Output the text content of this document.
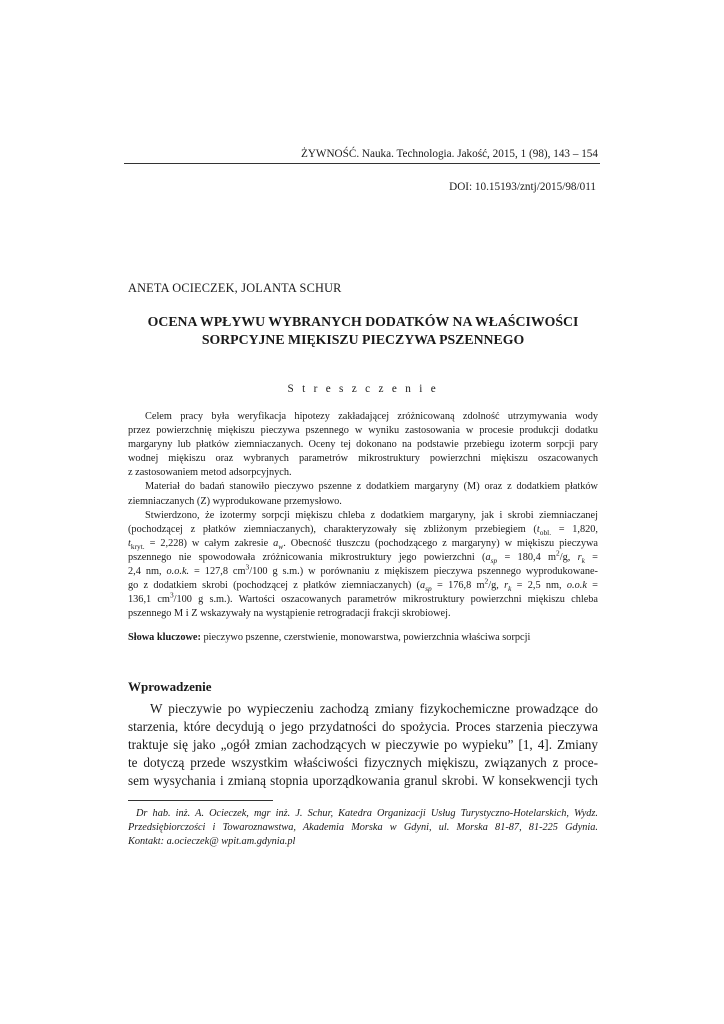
ŻYWNOŚĆ. Nauka. Technologia. Jakość, 2015, 1 (98), 143 – 154
DOI: 10.15193/zntj/2015/98/011
ANETA OCIECZEK, JOLANTA SCHUR
OCENA WPŁYWU WYBRANYCH DODATKÓW NA WŁAŚCIWOŚCI
SORPCYJNE MIĘKISZU PIECZYWA PSZENNEGO
S t r e s z c z e n i e

Celem pracy była weryfikacja hipotezy zakładającej zróżnicowaną zdolność utrzymywania wody
przez powierzchnię miękiszu pieczywa pszennego w wyniku zastosowania w procesie produkcji dodatku
margaryny lub płatków ziemniaczanych. Oceny tej dokonano na podstawie przebiegu izoterm sorpcji pary
wodnej miękiszu oraz wybranych parametrów mikrostruktury powierzchni miękiszu oszacowanych
z zastosowaniem metod adsorpcyjnych.

Materiał do badań stanowiło pieczywo pszenne z dodatkiem margaryny (M) oraz z dodatkiem płatków
ziemniaczanych (Z) wyprodukowane przemysłowo.

Stwierdzono, że izotermy sorpcji miękiszu chleba z dodatkiem margaryny, jak i skrobi ziemniaczanej
(pochodzącej z płatków ziemniaczanych), charakteryzowały się zbliżonym przebiegiem ($t_{obl.} = 1,820$,
$t_{kryt.} = 2,228$) w całym zakresie $a_w$. Obecność tłuszczu (pochodzącego z margaryny) w miękiszu pieczywa
pszennego nie spowodowała zróżnicowania mikrostruktury jego powierzchni ($a_{sp} = 180,4$ $m^2/g$, $r_k$ =
2,4 nm, o.o.k. = 127,8 $cm^3/100$ g s.m.) w porównaniu z miękiszem pieczywa pszennego wyprodukowane-
go z dodatkiem skrobi (pochodzącej z płatków ziemniaczanych) ($a_{sp} = 176,8$ $m^2/g$, $r_k = 2,5$ nm, o.o.k =
136,1 $cm^3/100$ g s.m.). Wartości oszacowanych parametrów mikrostruktury powierzchni miękiszu chleba
pszennego M i Z wskazywały na wystąpienie retrogradacji frakcji skrobiowej.

Słowa kluczowe: pieczywo pszenne, czerstwienie, monowarstwa, powierzchnia właściwa sorpcji
Wprowadzenie
W pieczywie po wypieczeniu zachodzą zmiany fizykochemiczne prowadzące do
starzenia, które decydują o jego przydatności do spożycia. Proces starzenia pieczywa
traktuje się jako „ogół zmian zachodzących w pieczywie po wypieku” [1, 4]. Zmiany
te dotyczą przede wszystkim właściwości fizycznych miękiszu, związanych z proce-
sem wysychania i zmianą stopnia uporządkowania granul skrobi. W konsekwencji tych
Dr hab. inż. A. Ocieczek, mgr inż. J. Schur, Katedra Organizacji Usług Turystyczno-Hotelarskich, Wydz.
Przedsiębiorczości i Towaroznawstwa, Akademia Morska w Gdyni, ul. Morska 81-87, 81-225 Gdynia.
Kontakt: a.ocieczek@ wpit.am.gdynia.pl
